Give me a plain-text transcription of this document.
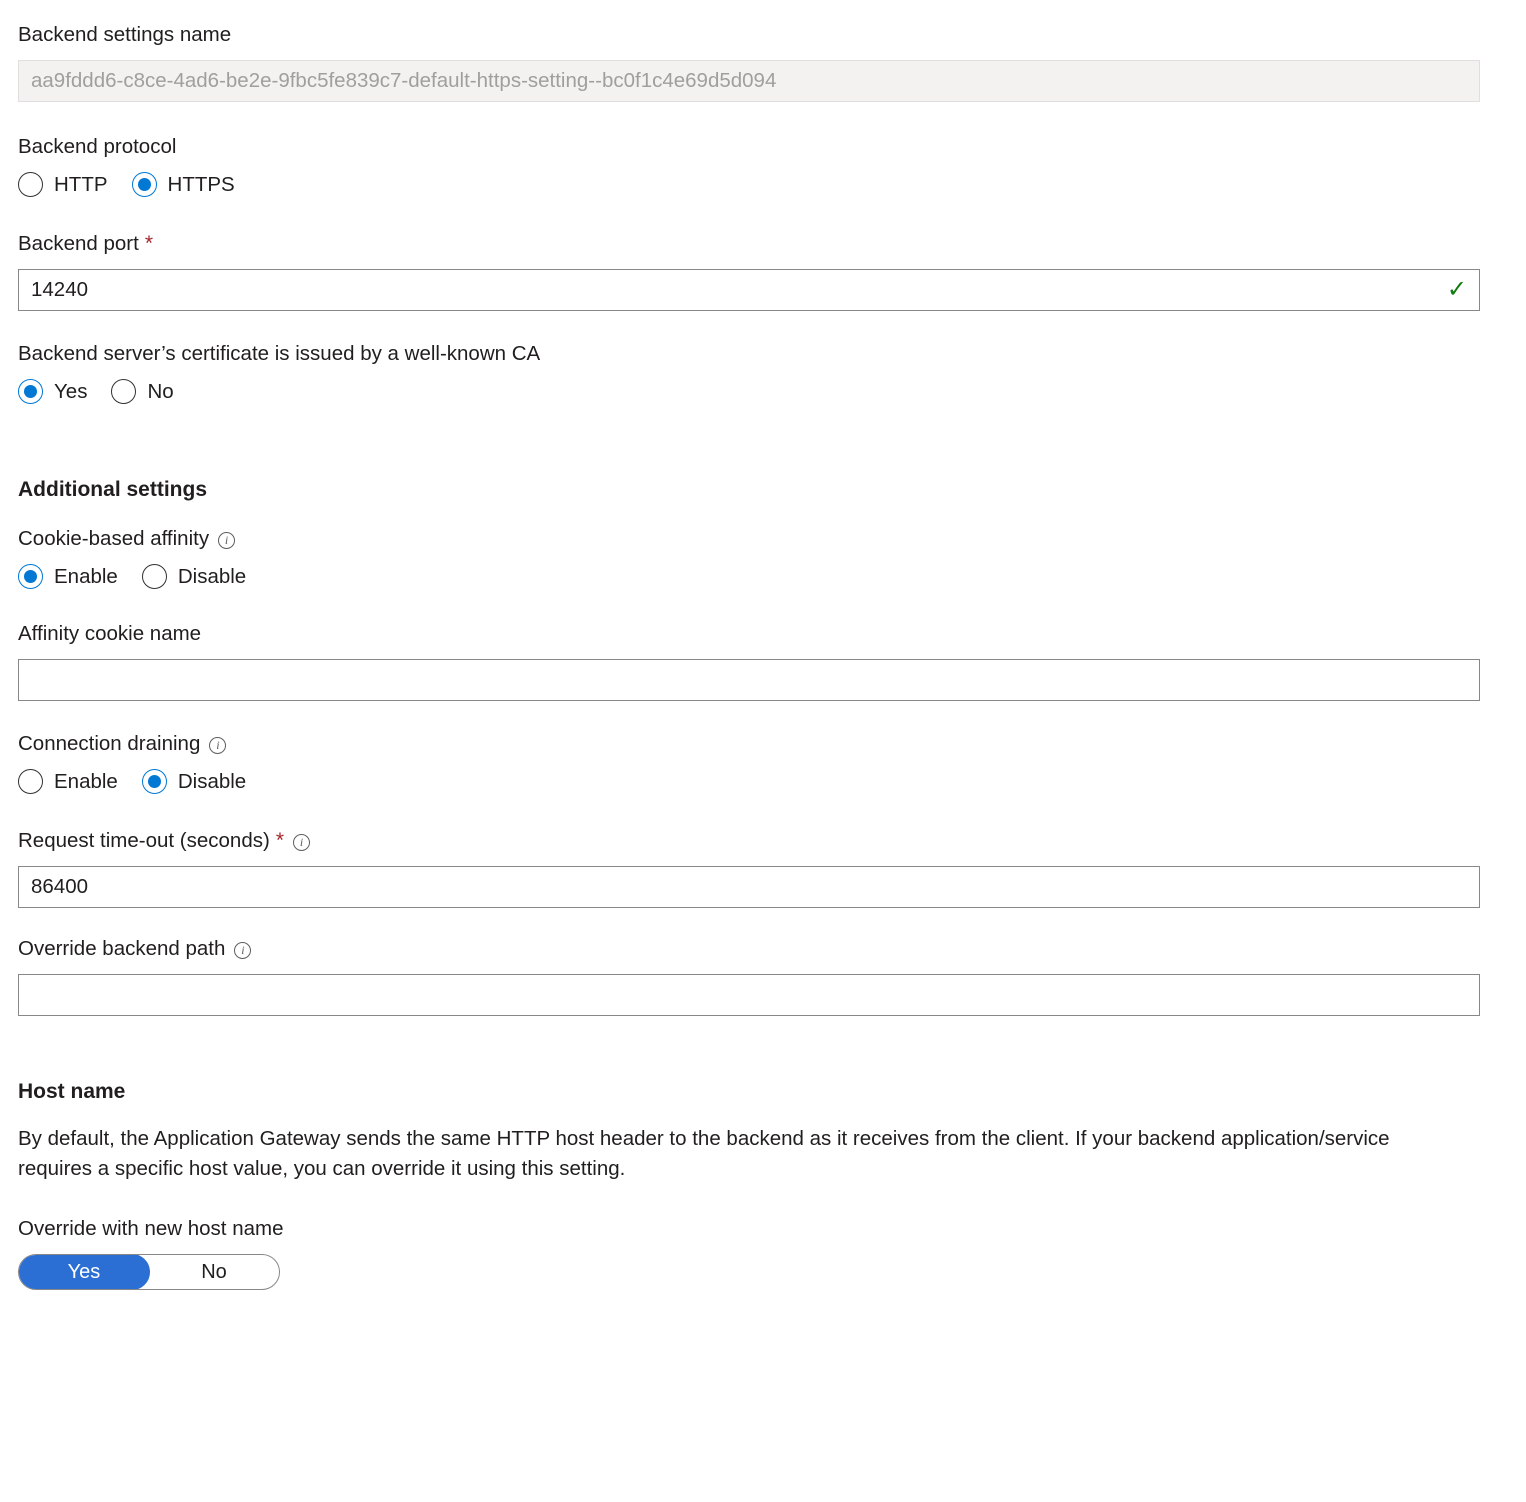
Backend settings name
aa9fddd6-c8ce-4ad6-be2e-9fbc5fe839c7-default-https-setting--bc0f1c4e69d5d094
Backend protocol
HTTP	HTTPS
Backend port *
14240	✓
Backend server’s certificate is issued by a well-known CA
Yes	No
Additional settings
Cookie-based affinity i
Enable	Disable
Affinity cookie name
Connection draining i
Enable	Disable
Request time-out (seconds) * i
86400
Override backend path i
Host name
By default, the Application Gateway sends the same HTTP host header to the backend as it receives from the client. If your backend application/service requires a specific host value, you can override it using this setting.
Override with new host name
Yes	No
